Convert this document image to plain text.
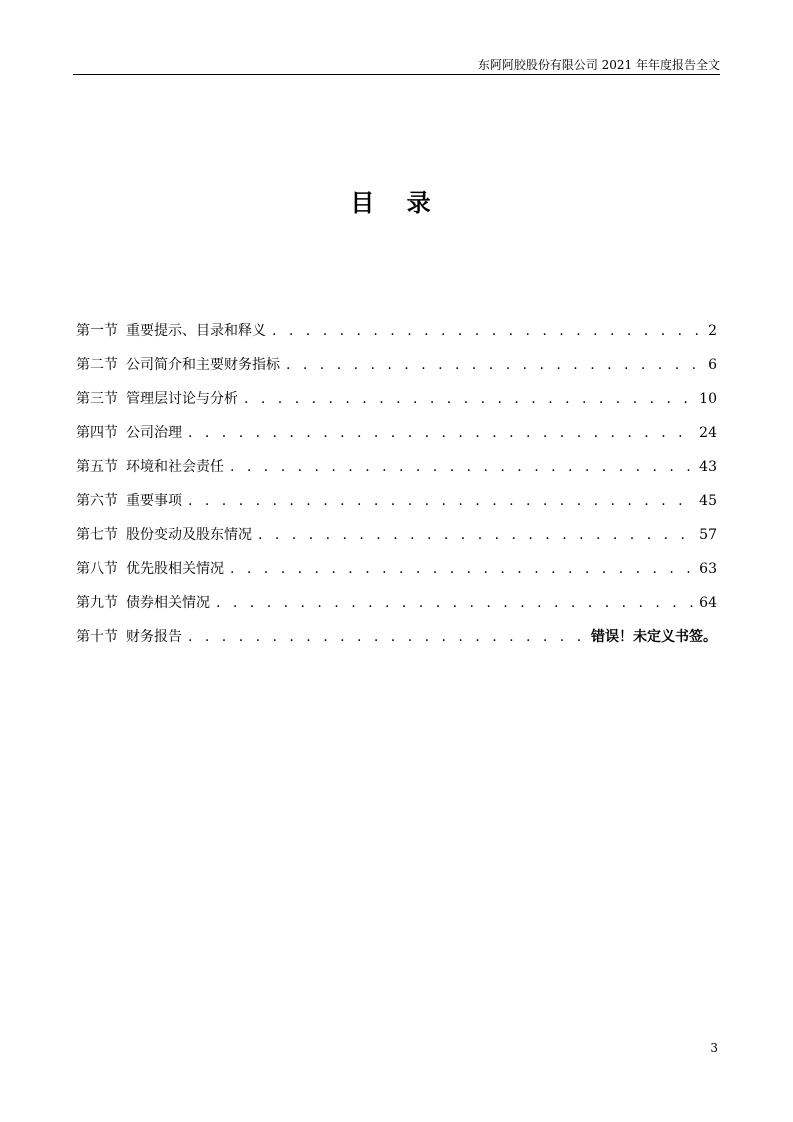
东阿阿胶股份有限公司 2021 年年度报告全文
目 录
第一节 重要提示、目录和释义 . . .	2
第二节 公司简介和主要财务指标 . . .	6
第三节 管理层讨论与分析 . . .	10
第四节 公司治理 . . .	24
第五节 环境和社会责任 . . .	43
第六节 重要事项 . . .	45
第七节 股份变动及股东情况 . . .	57
第八节 优先股相关情况 . . .	63
第九节 债券相关情况 . . .	64
第十节 财务报告 . . .	错误！未定义书签。
3
